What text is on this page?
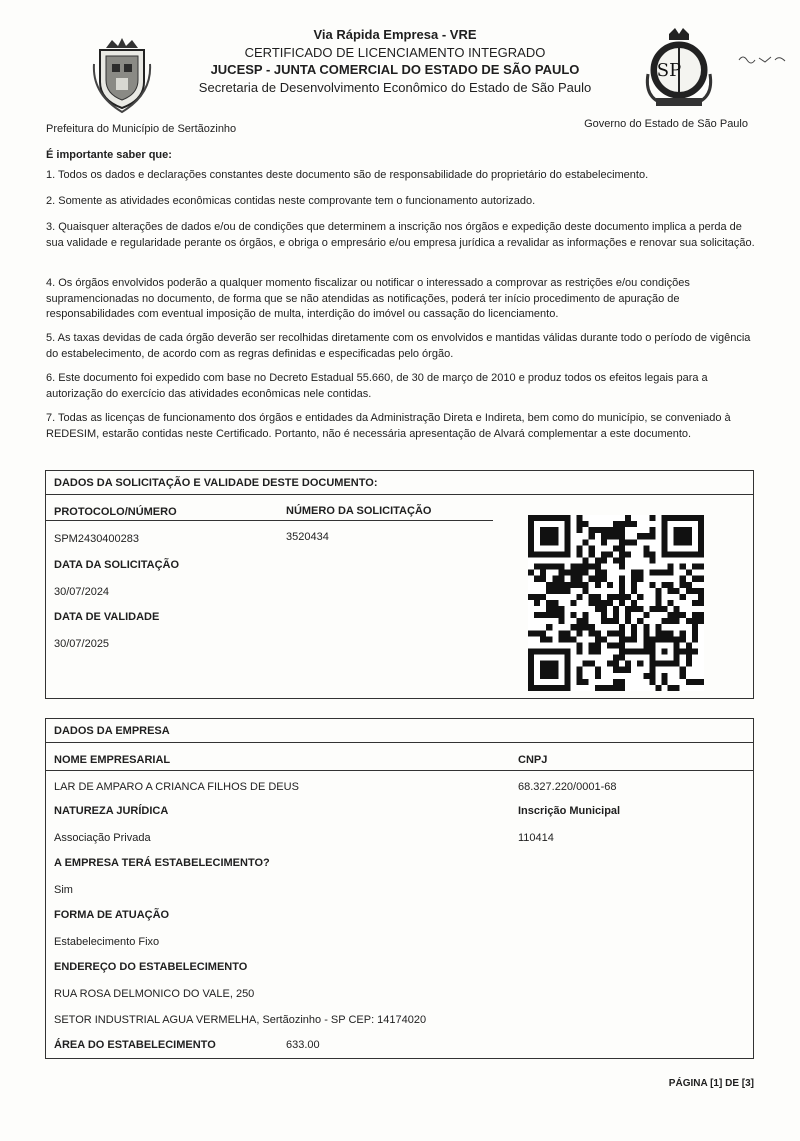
Via Rápida Empresa - VRE
CERTIFICADO DE LICENCIAMENTO INTEGRADO
JUCESP - JUNTA COMERCIAL DO ESTADO DE SÃO PAULO
Secretaria de Desenvolvimento Econômico do Estado de São Paulo
SP
Prefeitura do Município de Sertãozinho	Governo do Estado de São Paulo
É importante saber que:
1. Todos os dados e declarações constantes deste documento são de responsabilidade do proprietário do estabelecimento.
2. Somente as atividades econômicas contidas neste comprovante tem o funcionamento autorizado.
3. Quaisquer alterações de dados e/ou de condições que determinem a inscrição nos órgãos e expedição deste documento implica a perda de sua validade e regularidade perante os órgãos, e obriga o empresário e/ou empresa jurídica a revalidar as informações e renovar sua solicitação.
4. Os órgãos envolvidos poderão a qualquer momento fiscalizar ou notificar o interessado a comprovar as restrições e/ou condições supramencionadas no documento, de forma que se não atendidas as notificações, poderá ter início procedimento de apuração de responsabilidades com eventual imposição de multa, interdição do imóvel ou cassação do licenciamento.
5. As taxas devidas de cada órgão deverão ser recolhidas diretamente com os envolvidos e mantidas válidas durante todo o período de vigência do estabelecimento, de acordo com as regras definidas e especificadas pelo órgão.
6. Este documento foi expedido com base no Decreto Estadual 55.660, de 30 de março de 2010 e produz todos os efeitos legais para a autorização do exercício das atividades econômicas nele contidas.
7. Todas as licenças de funcionamento dos órgãos e entidades da Administração Direta e Indireta, bem como do município, se conveniado à REDESIM, estarão contidas neste Certificado. Portanto, não é necessária apresentação de Alvará complementar a este documento.
DADOS DA SOLICITAÇÃO E VALIDADE DESTE DOCUMENTO:
PROTOCOLO/NÚMERO	NÚMERO DA SOLICITAÇÃO
SPM2430400283	3520434
DATA DA SOLICITAÇÃO
30/07/2024
DATA DE VALIDADE
30/07/2025
DADOS DA EMPRESA
NOME EMPRESARIAL	CNPJ
LAR DE AMPARO A CRIANCA FILHOS DE DEUS	68.327.220/0001-68
NATUREZA JURÍDICA	Inscrição Municipal
Associação Privada	110414
A EMPRESA TERÁ ESTABELECIMENTO?
Sim
FORMA DE ATUAÇÃO
Estabelecimento Fixo
ENDEREÇO DO ESTABELECIMENTO
RUA ROSA DELMONICO DO VALE, 250
SETOR INDUSTRIAL AGUA VERMELHA, Sertãozinho - SP CEP: 14174020
ÁREA DO ESTABELECIMENTO	633.00
PÁGINA [1] DE [3]
